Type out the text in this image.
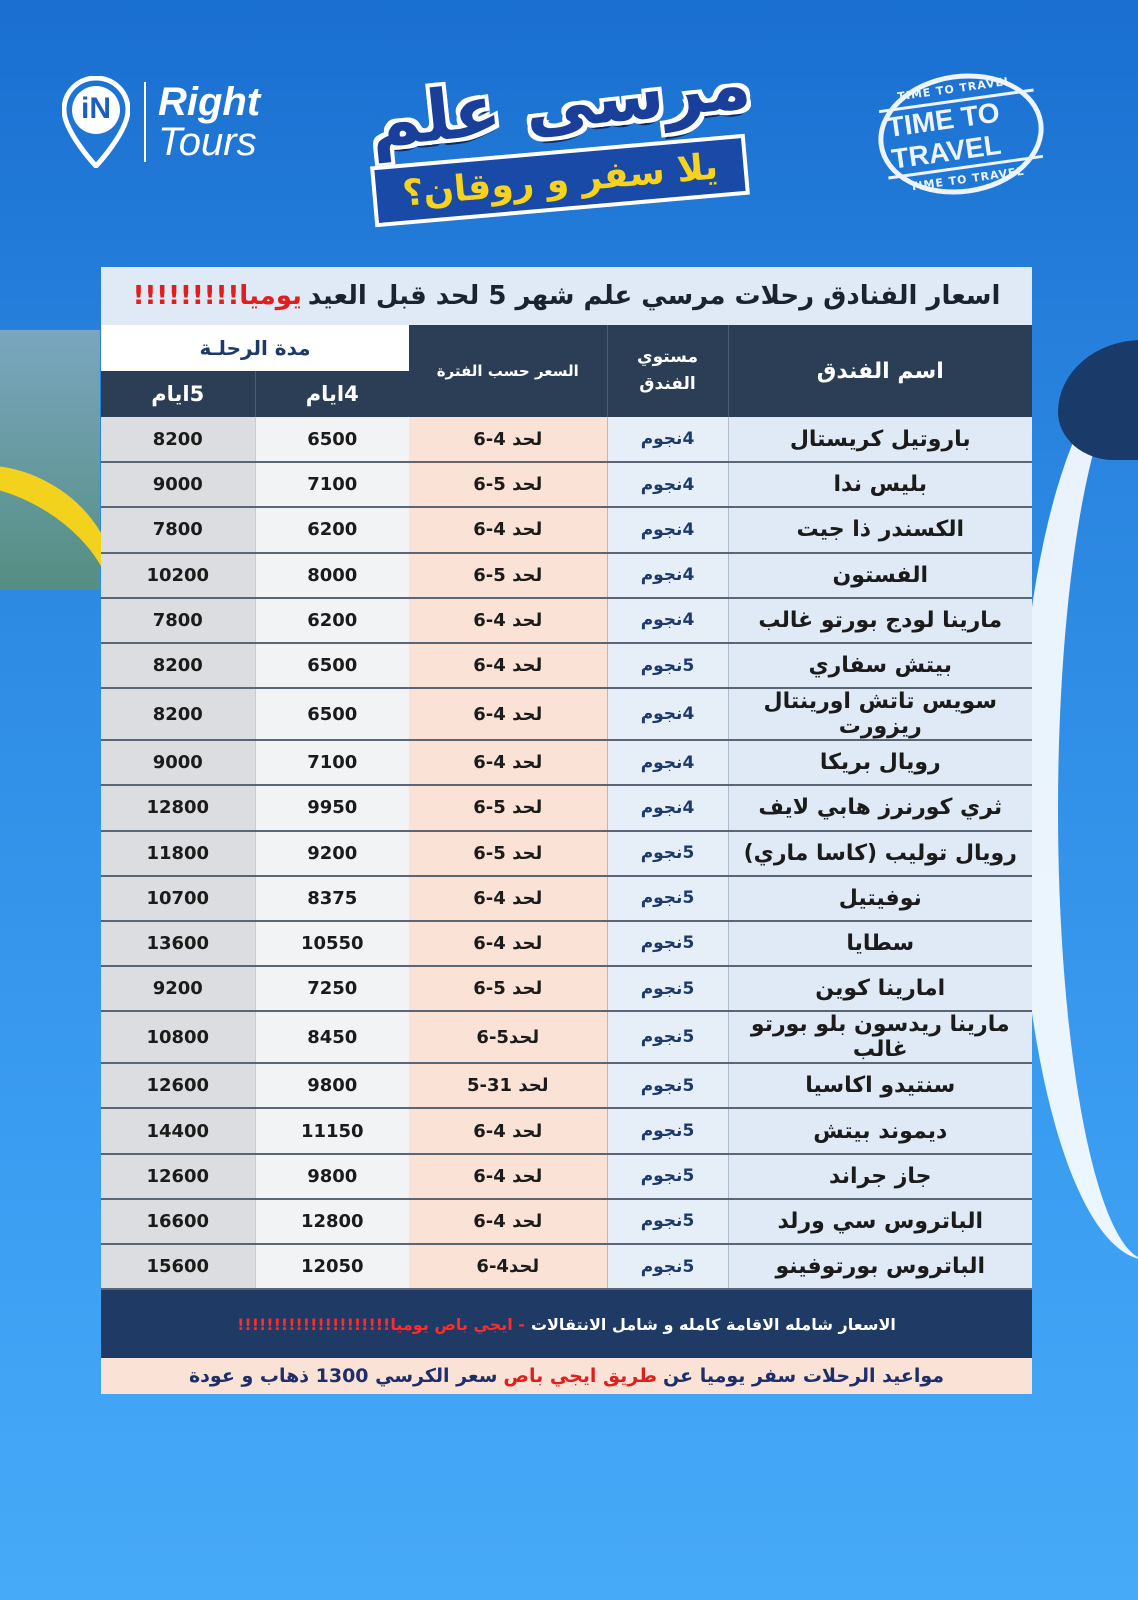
iN	Right
Tours مرسى علم
يلا سفر و روقان؟
TIME TO TRAVEL
TIME TO TRAVEL
TIME TO TRAVEL
اسعار الفنادق رحلات مرسي علم شهر 5 لحد قبل العيد
يوميا!!!!!!!!!
اسم الفندق	مستوي الفندق	السعر حسب الفترة	مدة الرحلـة	
			4ايام	5ايام
باروتيل كريستال	4نجوم	لحد 4-6	6500	8200
بليس ندا	4نجوم	لحد 5-6	7100	9000
الكسندر ذا جيت	4نجوم	لحد 4-6	6200	7800
الفستون	4نجوم	لحد 5-6	8000	10200
مارينا لودج بورتو غالب	4نجوم	لحد 4-6	6200	7800
بيتش سفاري	5نجوم	لحد 4-6	6500	8200
سويس تاتش اورينتال ريزورت	4نجوم	لحد 4-6	6500	8200
رويال بريكا	4نجوم	لحد 4-6	7100	9000
ثري كورنرز هابي لايف	4نجوم	لحد 5-6	9950	12800
رويال توليب (كاسا ماري)	5نجوم	لحد 5-6	9200	11800
نوفيتيل	5نجوم	لحد 4-6	8375	10700
سطايا	5نجوم	لحد 4-6	10550	13600
امارينا كوين	5نجوم	لحد 5-6	7250	9200
مارينا ريدسون بلو بورتو غالب	5نجوم	لحد5-6	8450	10800
سنتيدو اكاسيا	5نجوم	لحد 31-5	9800	12600
ديموند بيتش	5نجوم	لحد 4-6	11150	14400
جاز جراند	5نجوم	لحد 4-6	9800	12600
الباتروس سي ورلد	5نجوم	لحد 4-6	12800	16600
الباتروس بورتوفينو	5نجوم	لحد4-6	12050	15600
الاسعار شامله الاقامة كامله و شامل الانتقالات
- ايجي باص يوميا!!!!!!!!!!!!!!!!!!!!!
مواعيد الرحلات سفر يوميا عن
طريق ايجي باص
سعر الكرسي 1300 ذهاب و عودة
